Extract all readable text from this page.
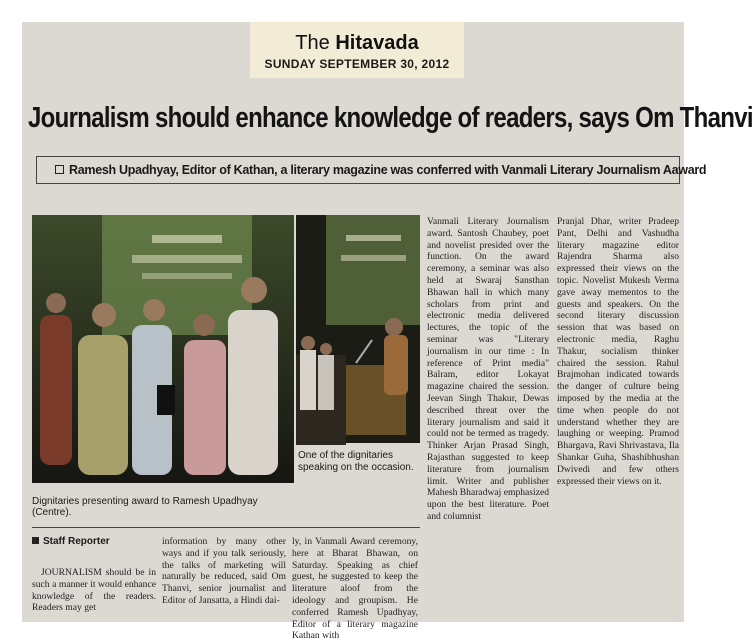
The Hitavada
SUNDAY SEPTEMBER 30, 2012
Journalism should enhance knowledge of readers, says Om Thanvi
Ramesh Upadhyay, Editor of Kathan, a literary magazine was conferred with Vanmali Literary Journalism Aaward
Dignitaries presenting award to Ramesh Upadhyay (Centre).
One of the dignitaries speaking on the occasion.
Staff Reporter

JOURNALISM should be in such a manner it would enhance knowledge of the readers. Readers may get

information by many other ways and if you talk seriously, the talks of marketing will naturally be reduced, said Om Thanvi, senior journalist and Editor of Jansatta, a Hindi dai-

ly, in Vanmali Award ceremony, here at Bharat Bhawan, on Saturday. Speaking as chief guest, he suggested to keep the literature aloof from the ideology and groupism. He conferred Ramesh Upadhyay, Editor of a literary magazine Kathan with

Vanmali Literary Journalism award. Santosh Chaubey, poet and novelist presided over the function. On the award ceremony, a seminar was also held at Swaraj Sansthan Bhawan hall in which many scholars from print and electronic media delivered lectures, the topic of the seminar was "Literary journalism in our time : In reference of Print media" Balram, editor Lokayat magazine chaired the session. Jeevan Singh Thakur, Dewas described threat over the literary journalism and said it could not be termed as tragedy. Thinker Arjan Prasad Singh, Rajasthan suggested to keep literature from journalism limit. Writer and publisher Mahesh Bharadwaj emphasized upon the best literature. Poet and columnist

Pranjal Dhar, writer Pradeep Pant, Delhi and Vashudha literary magazine editor Rajendra Sharma also expressed their views on the topic. Novelist Mukesh Verma gave away mementos to the guests and speakers. On the second literary discussion session that was based on electronic media, Raghu Thakur, socialism thinker chaired the session. Rahul Brajmohan indicated towards the danger of culture being imposed by the media at the time when people do not understand whether they are laughing or weeping. Pramod Bhargava, Ravi Shrivastava, Ila Shankar Guha, Shashibhushan Dwivedi and few others expressed their views on it.
